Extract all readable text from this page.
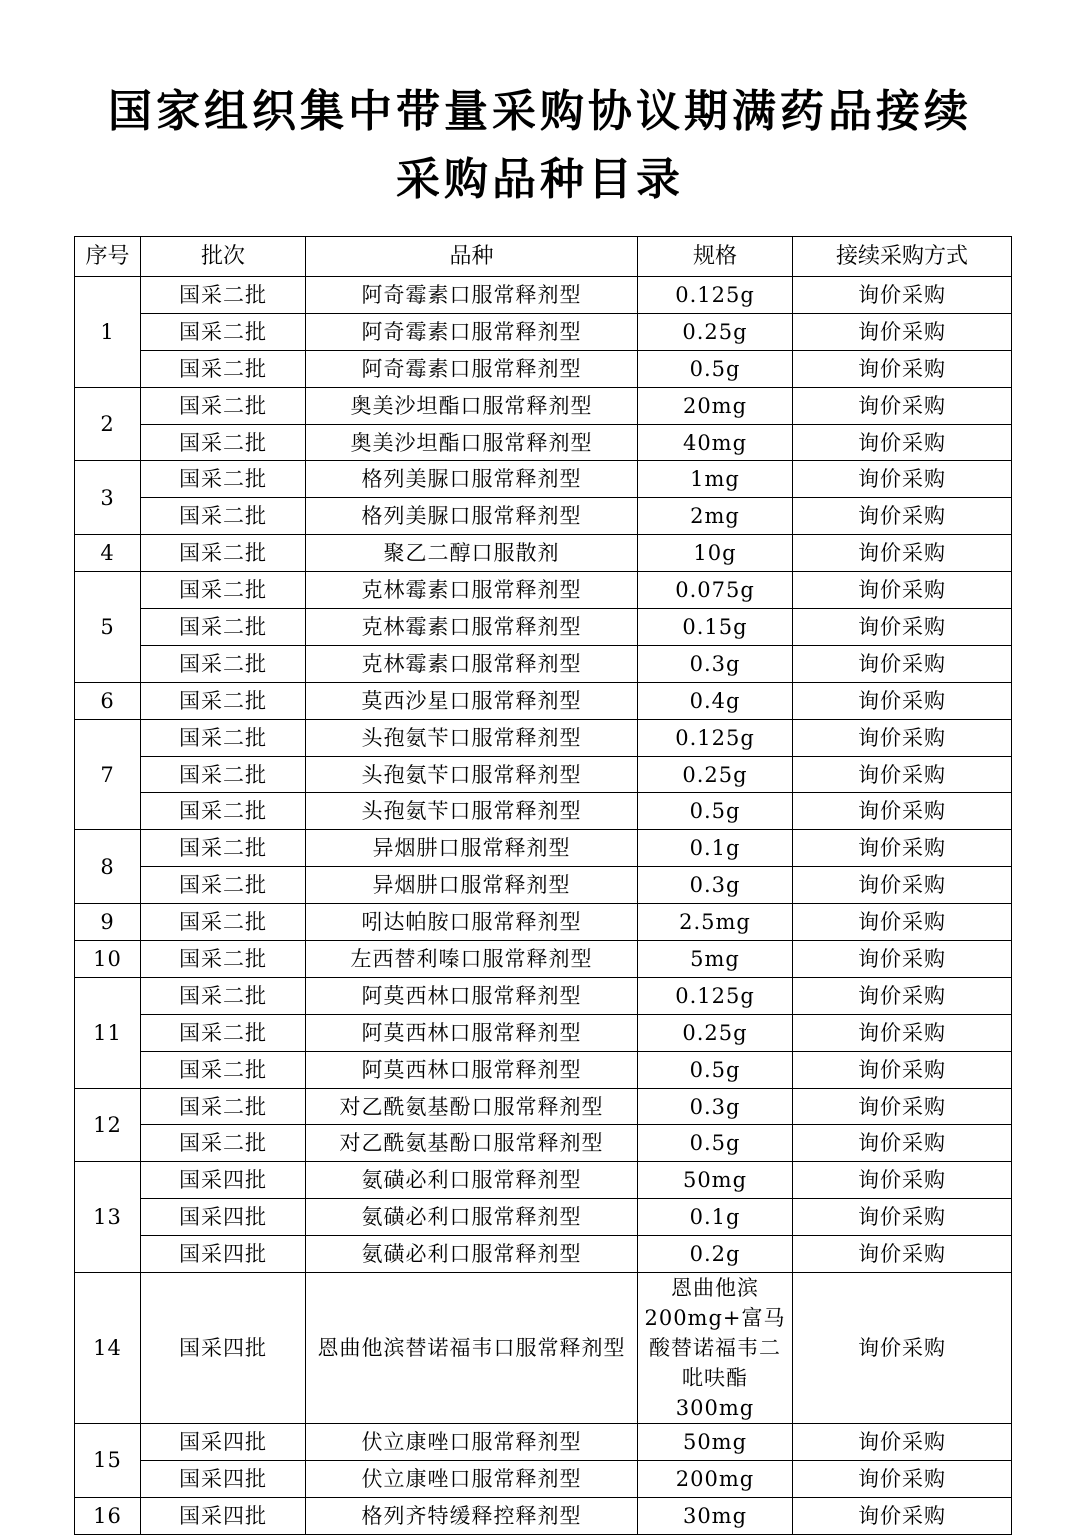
国家组织集中带量采购协议期满药品接续
采购品种目录
序号	批次	品种	规格	接续采购方式
1	国采二批	阿奇霉素口服常释剂型	0.125g	询价采购
	国采二批	阿奇霉素口服常释剂型	0.25g	询价采购
	国采二批	阿奇霉素口服常释剂型	0.5g	询价采购
2	国采二批	奥美沙坦酯口服常释剂型	20mg	询价采购
	国采二批	奥美沙坦酯口服常释剂型	40mg	询价采购
3	国采二批	格列美脲口服常释剂型	1mg	询价采购
	国采二批	格列美脲口服常释剂型	2mg	询价采购
4	国采二批	聚乙二醇口服散剂	10g	询价采购
5	国采二批	克林霉素口服常释剂型	0.075g	询价采购
	国采二批	克林霉素口服常释剂型	0.15g	询价采购
	国采二批	克林霉素口服常释剂型	0.3g	询价采购
6	国采二批	莫西沙星口服常释剂型	0.4g	询价采购
7	国采二批	头孢氨苄口服常释剂型	0.125g	询价采购
	国采二批	头孢氨苄口服常释剂型	0.25g	询价采购
	国采二批	头孢氨苄口服常释剂型	0.5g	询价采购
8	国采二批	异烟肼口服常释剂型	0.1g	询价采购
	国采二批	异烟肼口服常释剂型	0.3g	询价采购
9	国采二批	吲达帕胺口服常释剂型	2.5mg	询价采购
10	国采二批	左西替利嗪口服常释剂型	5mg	询价采购
11	国采二批	阿莫西林口服常释剂型	0.125g	询价采购
	国采二批	阿莫西林口服常释剂型	0.25g	询价采购
	国采二批	阿莫西林口服常释剂型	0.5g	询价采购
12	国采二批	对乙酰氨基酚口服常释剂型	0.3g	询价采购
	国采二批	对乙酰氨基酚口服常释剂型	0.5g	询价采购
13	国采四批	氨磺必利口服常释剂型	50mg	询价采购
	国采四批	氨磺必利口服常释剂型	0.1g	询价采购
	国采四批	氨磺必利口服常释剂型	0.2g	询价采购
14	国采四批	恩曲他滨替诺福韦口服常释剂型	恩曲他滨200mg+富马酸替诺福韦二吡呋酯 300mg	询价采购
15	国采四批	伏立康唑口服常释剂型	50mg	询价采购
	国采四批	伏立康唑口服常释剂型	200mg	询价采购
16	国采四批	格列齐特缓释控释剂型	30mg	询价采购
